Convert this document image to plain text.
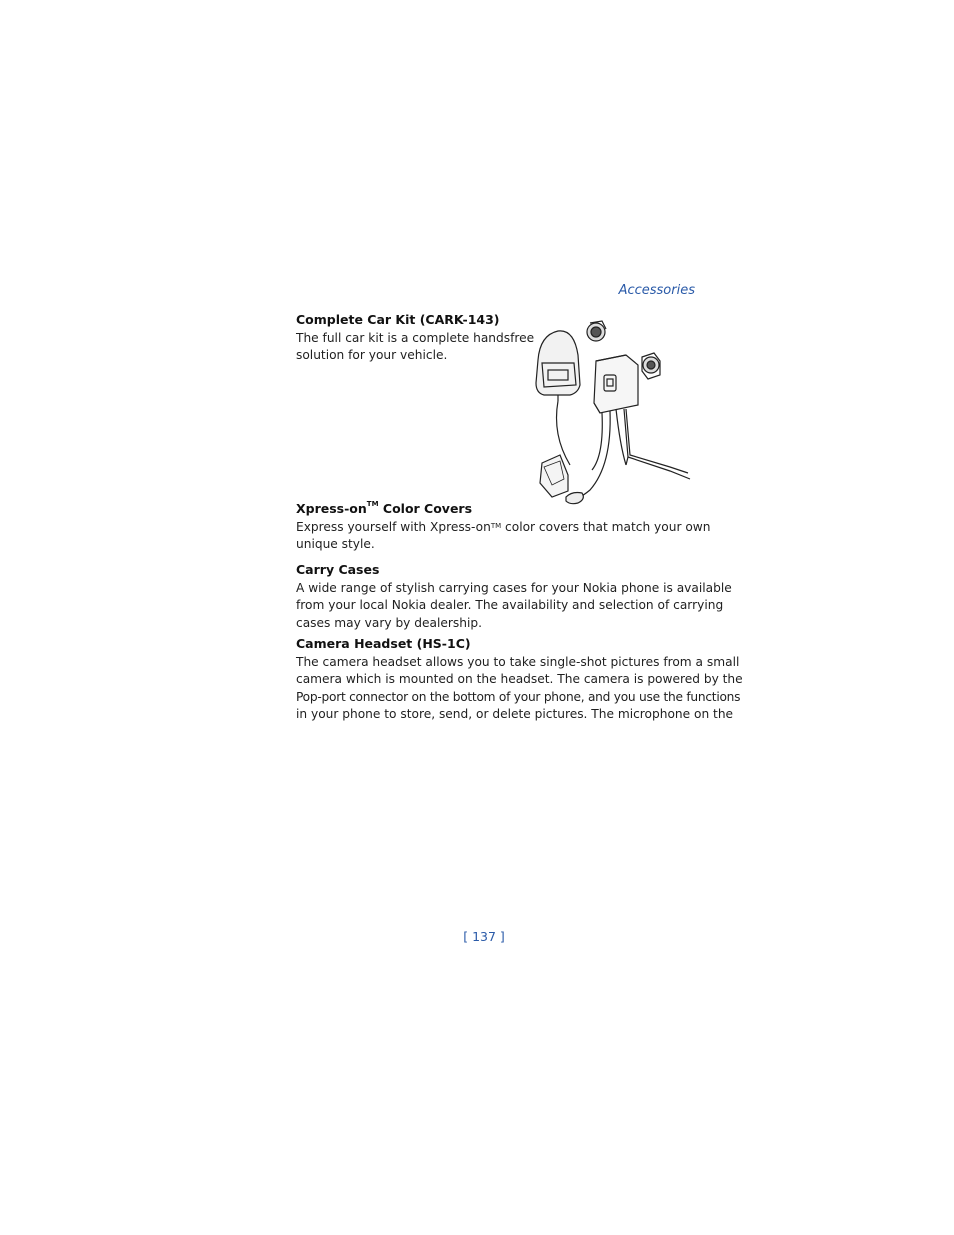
Accessories
Complete Car Kit (CARK-143)
The full car kit is a complete handsfree
solution for your vehicle.
Xpress-on™ Color Covers
Express yourself with Xpress-on™ color covers that match your own
unique style.
Carry Cases
A wide range of stylish carrying cases for your Nokia phone is available
from your local Nokia dealer. The availability and selection of carrying
cases may vary by dealership.
Camera Headset (HS-1C)
The camera headset allows you to take single-shot pictures from a small
camera which is mounted on the headset. The camera is powered by the
Pop-port connector on the bottom of your phone, and you use the functions
in your phone to store, send, or delete pictures. The microphone on the
[ 137 ]
